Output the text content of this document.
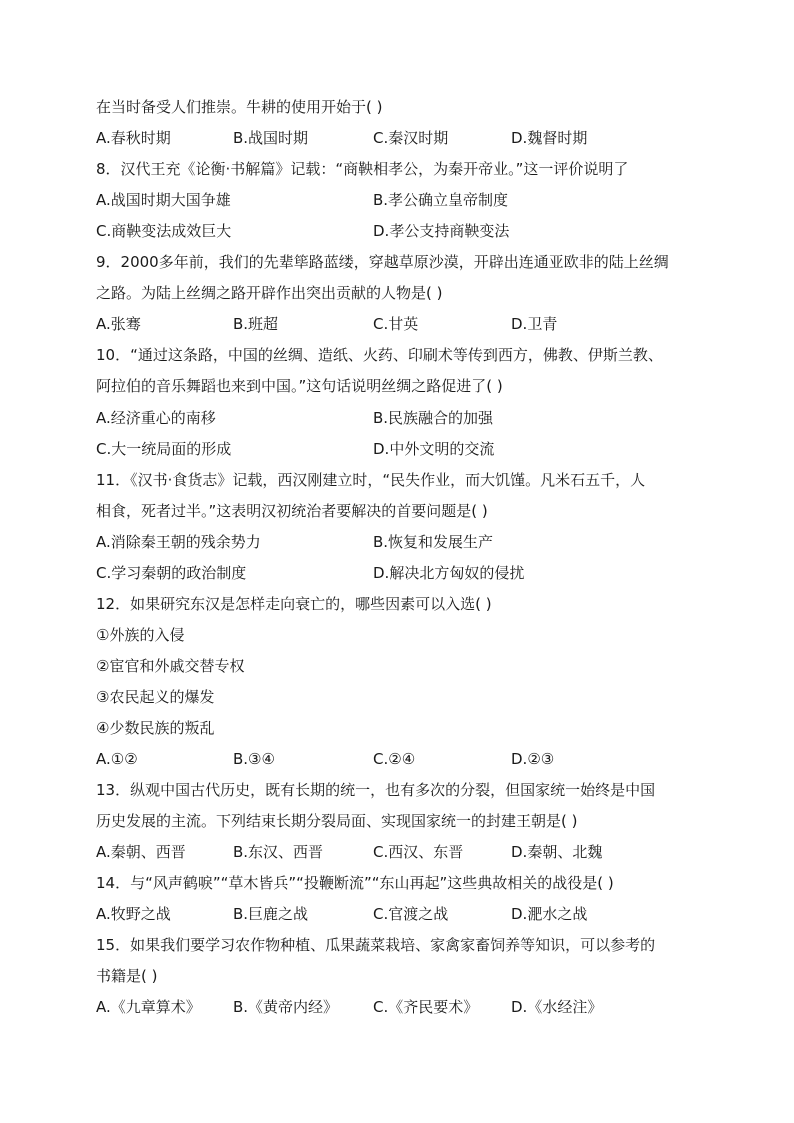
在当时备受人们推崇。牛耕的使用开始于( )
A.春秋时期	B.战国时期	C.秦汉时期	D.魏督时期
8．汉代王充《论衡·书解篇》记载：“商鞅相孝公，为秦开帝业。”这一评价说明了
A.战国时期大国争雄	B.孝公确立皇帝制度
C.商鞅变法成效巨大	D.孝公支持商鞅变法
9．2000多年前，我们的先辈筚路蓝缕，穿越草原沙漠，开辟出连通亚欧非的陆上丝绸
之路。为陆上丝绸之路开辟作出突出贡献的人物是( )
A.张骞	B.班超	C.甘英	D.卫青
10．“通过这条路，中国的丝绸、造纸、火药、印刷术等传到西方，佛教、伊斯兰教、
阿拉伯的音乐舞蹈也来到中国。”这句话说明丝绸之路促进了( )
A.经济重心的南移	B.民族融合的加强
C.大一统局面的形成	D.中外文明的交流
11．《汉书·食货志》记载，西汉刚建立时，“民失作业，而大饥馑。凡米石五千，人
相食，死者过半。”这表明汉初统治者要解决的首要问题是( )
A.消除秦王朝的残余势力	B.恢复和发展生产
C.学习秦朝的政治制度	D.解决北方匈奴的侵扰
12．如果研究东汉是怎样走向衰亡的，哪些因素可以入选( )
①外族的入侵
②宦官和外戚交替专权
③农民起义的爆发
④少数民族的叛乱
A.①②	B.③④	C.②④	D.②③
13．纵观中国古代历史，既有长期的统一，也有多次的分裂，但国家统一始终是中国
历史发展的主流。下列结束长期分裂局面、实现国家统一的封建王朝是( )
A.秦朝、西晋	B.东汉、西晋	C.西汉、东晋	D.秦朝、北魏
14．与“风声鹤唳”“草木皆兵”“投鞭断流”“东山再起”这些典故相关的战役是( )
A.牧野之战	B.巨鹿之战	C.官渡之战	D.淝水之战
15．如果我们要学习农作物种植、瓜果蔬菜栽培、家禽家畜饲养等知识，可以参考的
书籍是( )
A.《九章算术》 B.《黄帝内经》 C.《齐民要术》 D.《水经注》
